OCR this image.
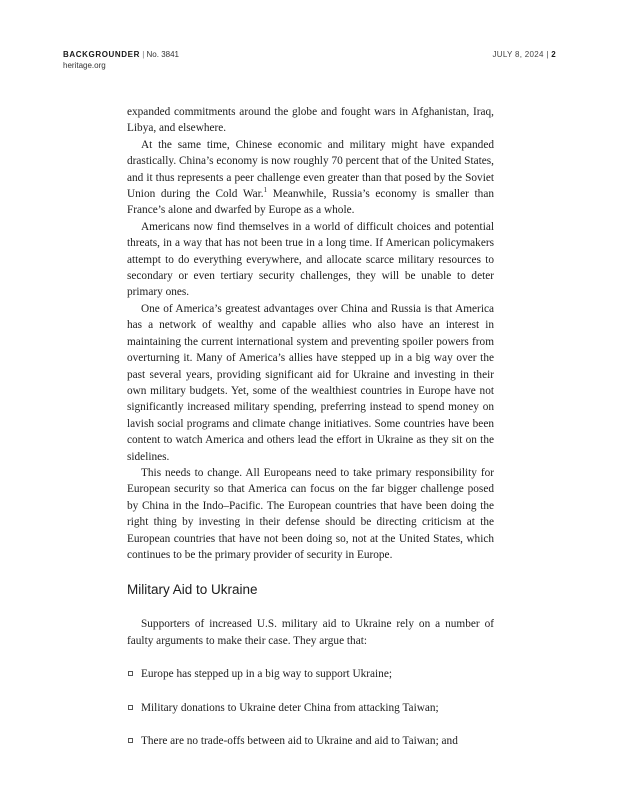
BACKGROUNDER | No. 3841
heritage.org
JULY 8, 2024 | 2

expanded commitments around the globe and fought wars in Afghanistan, Iraq, Libya, and elsewhere.

At the same time, Chinese economic and military might have expanded drastically. China’s economy is now roughly 70 percent that of the United States, and it thus represents a peer challenge even greater than that posed by the Soviet Union during the Cold War.$^1$ Meanwhile, Russia’s economy is smaller than France’s alone and dwarfed by Europe as a whole.

Americans now find themselves in a world of difficult choices and potential threats, in a way that has not been true in a long time. If American policymakers attempt to do everything everywhere, and allocate scarce military resources to secondary or even tertiary security challenges, they will be unable to deter primary ones.

One of America’s greatest advantages over China and Russia is that America has a network of wealthy and capable allies who also have an interest in maintaining the current international system and preventing spoiler powers from overturning it. Many of America’s allies have stepped up in a big way over the past several years, providing significant aid for Ukraine and investing in their own military budgets. Yet, some of the wealthiest countries in Europe have not significantly increased military spending, preferring instead to spend money on lavish social programs and climate change initiatives. Some countries have been content to watch America and others lead the effort in Ukraine as they sit on the sidelines.

This needs to change. All Europeans need to take primary responsibility for European security so that America can focus on the far bigger challenge posed by China in the Indo–Pacific. The European countries that have been doing the right thing by investing in their defense should be directing criticism at the European countries that have not been doing so, not at the United States, which continues to be the primary provider of security in Europe.

Military Aid to Ukraine

Supporters of increased U.S. military aid to Ukraine rely on a number of faulty arguments to make their case. They argue that:

Europe has stepped up in a big way to support Ukraine;
Military donations to Ukraine deter China from attacking Taiwan;
There are no trade-offs between aid to Ukraine and aid to Taiwan; and
